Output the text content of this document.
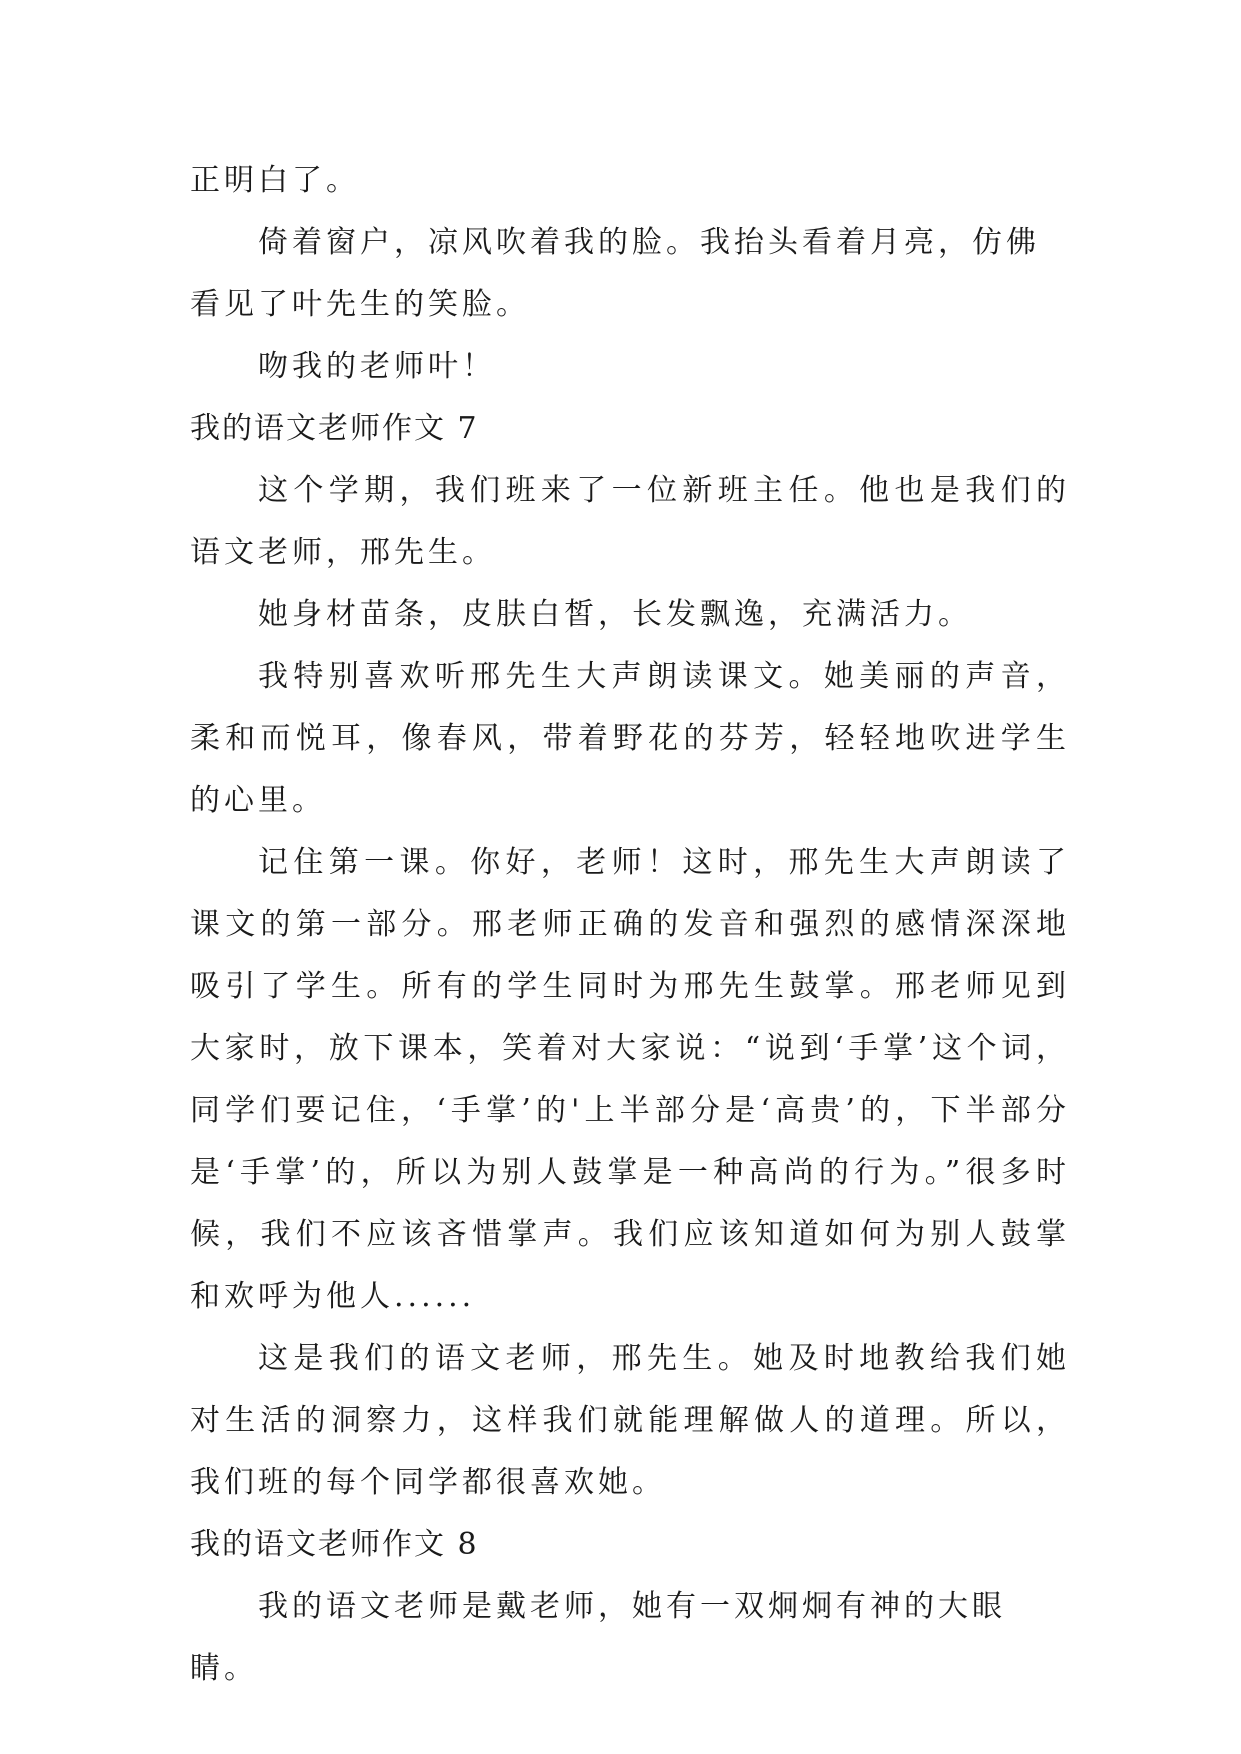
正明白了。

倚着窗户，凉风吹着我的脸。我抬头看着月亮，仿佛看见了叶先生的笑脸。

吻我的老师叶！

我的语文老师作文 7

这个学期，我们班来了一位新班主任。他也是我们的语文老师，邢先生。

她身材苗条，皮肤白皙，长发飘逸，充满活力。

我特别喜欢听邢先生大声朗读课文。她美丽的声音，柔和而悦耳，像春风，带着野花的芬芳，轻轻地吹进学生的心里。

记住第一课。你好，老师！这时，邢先生大声朗读了课文的第一部分。邢老师正确的发音和强烈的感情深深地吸引了学生。所有的学生同时为邢先生鼓掌。邢老师见到大家时，放下课本，笑着对大家说：“说到‘手掌’这个词，同学们要记住，‘手掌’的'上半部分是‘高贵’的，下半部分是‘手掌’的，所以为别人鼓掌是一种高尚的行为。”很多时候，我们不应该吝惜掌声。我们应该知道如何为别人鼓掌和欢呼为他人......

这是我们的语文老师，邢先生。她及时地教给我们她对生活的洞察力，这样我们就能理解做人的道理。所以，我们班的每个同学都很喜欢她。

我的语文老师作文 8

我的语文老师是戴老师，她有一双炯炯有神的大眼睛。
